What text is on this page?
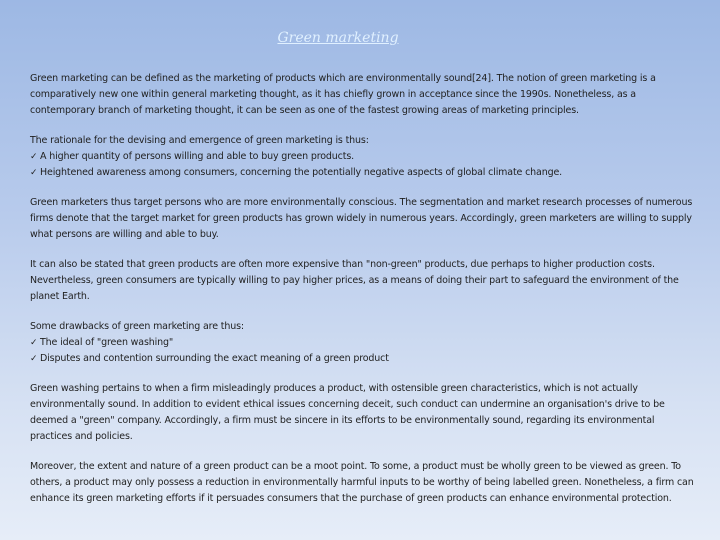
Green marketing

Green marketing can be defined as the marketing of products which are environmentally sound[24]. The notion of green marketing is a comparatively new one within general marketing thought, as it has chiefly grown in acceptance since the 1990s. Nonetheless, as a contemporary branch of marketing thought, it can be seen as one of the fastest growing areas of marketing principles.

The rationale for the devising and emergence of green marketing is thus:
✓ A higher quantity of persons willing and able to buy green products.
✓ Heightened awareness among consumers, concerning the potentially negative aspects of global climate change.

Green marketers thus target persons who are more environmentally conscious. The segmentation and market research processes of numerous firms denote that the target market for green products has grown widely in numerous years. Accordingly, green marketers are willing to supply what persons are willing and able to buy.

It can also be stated that green products are often more expensive than "non-green" products, due perhaps to higher production costs. Nevertheless, green consumers are typically willing to pay higher prices, as a means of doing their part to safeguard the environment of the planet Earth.

Some drawbacks of green marketing are thus:
✓ The ideal of "green washing"
✓ Disputes and contention surrounding the exact meaning of a green product

Green washing pertains to when a firm misleadingly produces a product, with ostensible green characteristics, which is not actually environmentally sound. In addition to evident ethical issues concerning deceit, such conduct can undermine an organisation's drive to be deemed a "green" company. Accordingly, a firm must be sincere in its efforts to be environmentally sound, regarding its environmental practices and policies.

Moreover, the extent and nature of a green product can be a moot point. To some, a product must be wholly green to be viewed as green. To others, a product may only possess a reduction in environmentally harmful inputs to be worthy of being labelled green. Nonetheless, a firm can enhance its green marketing efforts if it persuades consumers that the purchase of green products can enhance environmental protection.
